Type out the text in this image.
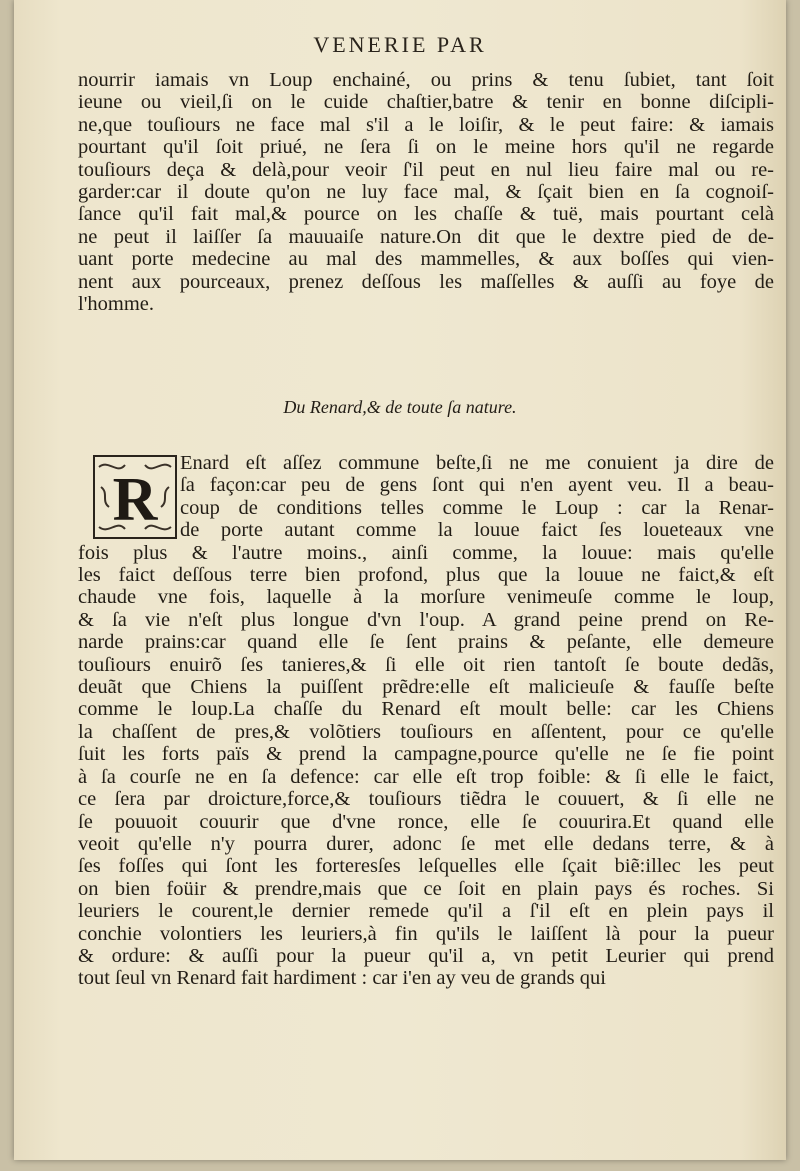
VENERIE PAR
nourrir iamais vn Loup enchainé, ou prins & tenu ſubiet, tant ſoit
ieune ou vieil,ſi on le cuide chaſtier,batre & tenir en bonne diſcipli-
ne,que touſiours ne face mal s'il a le loiſir, & le peut faire: & iamais
pourtant qu'il ſoit priué, ne ſera ſi on le meine hors qu'il ne regarde
touſiours deça & delà,pour veoir ſ'il peut en nul lieu faire mal ou re-
garder:car il doute qu'on ne luy face mal, & ſçait bien en ſa cognoiſ-
ſance qu'il fait mal,& pource on les chaſſe & tuë, mais pourtant celà
ne peut il laiſſer ſa mauuaiſe nature.On dit que le dextre pied de de-
uant porte medecine au mal des mammelles, & aux boſſes qui vien-
nent aux pourceaux, prenez deſſous les maſſelles & auſſi au foye de
l'homme.
Du Renard,& de toute ſa nature.
R
Enard eſt aſſez commune beſte,ſi ne me conuient ja dire de
ſa façon:car peu de gens ſont qui n'en ayent veu. Il a beau-
coup de conditions telles comme le Loup : car la Renar-
de porte autant comme la louue faict ſes loueteaux vne
fois plus & l'autre moins., ainſi comme, la louue: mais qu'elle
les faict deſſous terre bien profond, plus que la louue ne faict,& eſt
chaude vne fois, laquelle à la morſure venimeuſe comme le loup,
& ſa vie n'eſt plus longue d'vn l'oup. A grand peine prend on Re-
narde prains:car quand elle ſe ſent prains & peſante, elle demeure
touſiours enuirõ ſes tanieres,& ſi elle oit rien tantoſt ſe boute dedãs,
deuãt que Chiens la puiſſent prẽdre:elle eſt malicieuſe & fauſſe beſte
comme le loup.La chaſſe du Renard eſt moult belle: car les Chiens
la chaſſent de pres,& volõtiers touſiours en aſſentent, pour ce qu'elle
ſuit les forts païs & prend la campagne,pource qu'elle ne ſe fie point
à ſa courſe ne en ſa defence: car elle eſt trop foible: & ſi elle le faict,
ce ſera par droicture,force,& touſiours tiẽdra le couuert, & ſi elle ne
ſe pouuoit couurir que d'vne ronce, elle ſe couurira.Et quand elle
veoit qu'elle n'y pourra durer, adonc ſe met elle dedans terre, & à
ſes foſſes qui ſont les forteresſes leſquelles elle ſçait biẽ:illec les peut
on bien foüir & prendre,mais que ce ſoit en plain pays és roches. Si
leuriers le courent,le dernier remede qu'il a ſ'il eſt en plein pays il
conchie volontiers les leuriers,à fin qu'ils le laiſſent là pour la pueur
& ordure: & auſſi pour la pueur qu'il a, vn petit Leurier qui prend
tout ſeul vn Renard fait hardiment : car i'en ay veu de grands qui
